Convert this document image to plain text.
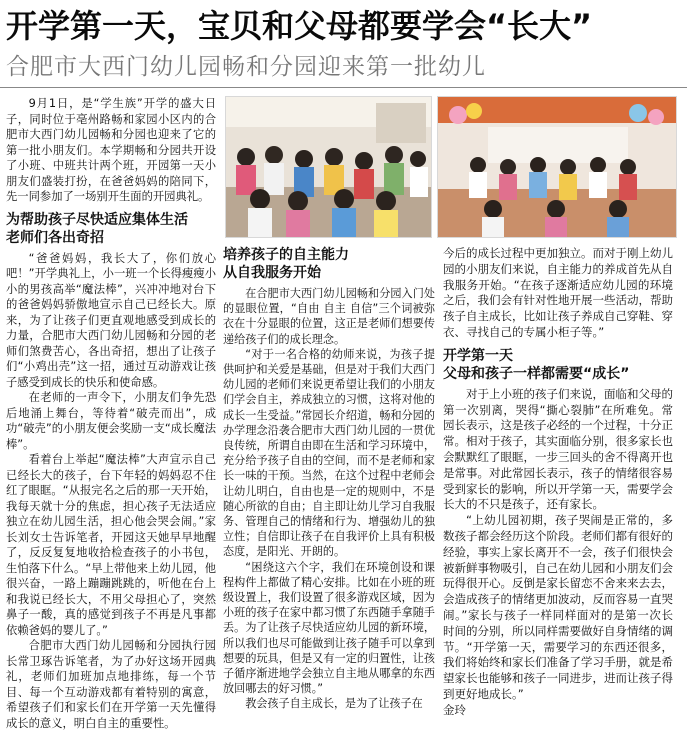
开学第一天，宝贝和父母都要学会“长大”
合肥市大西门幼儿园畅和分园迎来第一批幼儿

9月1日，是“学生族”开学的盛大日子，同时位于亳州路畅和家园小区内的合肥市大西门幼儿园畅和分园也迎来了它的第一批小朋友们。本学期畅和分园共开设了小班、中班共计两个班，开园第一天小朋友们盛装打扮，在爸爸妈妈的陪同下，先一同参加了一场别开生面的开园典礼。

为帮助孩子尽快适应集体生活
老师们各出奇招

“爸爸妈妈，我长大了，你们放心吧！”开学典礼上，小一班一个长得瘦瘦小小的男孩高举“魔法棒”，兴冲冲地对台下的爸爸妈妈骄傲地宣示自己已经长大。原来，为了让孩子们更直观地感受到成长的力量，合肥市大西门幼儿园畅和分园的老师们煞费苦心，各出奇招，想出了让孩子们“小鸡出壳”这一招，通过互动游戏让孩子感受到成长的快乐和使命感。

在老师的一声令下，小朋友们争先恐后地涌上舞台，等待着“破壳而出”，成功“破壳”的小朋友便会奖励一支“成长魔法棒”。

看着台上举起“魔法棒”大声宣示自己已经长大的孩子，台下年轻的妈妈忍不住红了眼眶。“从报完名之后的那一天开始，我每天就十分的焦虑，担心孩子无法适应独立在幼儿园生活，担心他会哭会闹。”家长刘女士告诉笔者，开园这天她早早地醒了，反反复复地收拾检查孩子的小书包，生怕落下什么。“早上带他来上幼儿园，他很兴奋，一路上蹦蹦跳跳的，听他在台上和我说已经长大，不用父母担心了，突然鼻子一酸，真的感觉到孩子不再是凡事都依赖爸妈的婴儿了。”

合肥市大西门幼儿园畅和分园执行园长常卫琢告诉笔者，为了办好这场开园典礼，老师们加班加点地排练，每一个节目、每一个互动游戏都有着特别的寓意，希望孩子们和家长们在开学第一天先懂得成长的意义，明白自主的重要性。

培养孩子的自主能力
从自我服务开始

在合肥市大西门幼儿园畅和分园入门处的显眼位置，“自由 自主 自信”三个词被弥衣在十分显眼的位置，这正是老师们想要传递给孩子们的成长理念。

“对于一名合格的幼师来说，为孩子提供呵护和关爱是基础，但是对于我们大西门幼儿园的老师们来说更希望让我们的小朋友们学会自主，养成独立的习惯，这将对他的成长一生受益。”常园长介绍道，畅和分园的办学理念沿袭合肥市大西门幼儿园的一贯优良传统，所谓自由即在生活和学习环境中，充分给予孩子自由的空间，而不是老师和家长一味的干预。当然，在这个过程中老师会让幼儿明白，自由也是一定的规则中，不是随心所欲的自由；自主即让幼儿学习自我服务、管理自己的情绪和行为、增强幼儿的独立性；自信即让孩子在自我评价上具有积极态度，是阳光、开朗的。

“困绕这六个字，我们在环境创设和课程构件上都做了精心安排。比如在小班的班级设置上，我们设置了很多游戏区域，因为小班的孩子在家中都习惯了东西随手拿随手丢。为了让孩子尽快适应幼儿园的新环境，所以我们也尽可能做到让孩子随手可以拿到想要的玩具，但是又有一定的归置性，让孩子循序渐进地学会独立自主地从哪拿的东西放回哪去的好习惯。”

教会孩子自主成长，是为了让孩子在

今后的成长过程中更加独立。而对于刚上幼儿园的小朋友们来说，自主能力的养成首先从自我服务开始。“在孩子逐渐适应幼儿园的环境之后，我们会有针对性地开展一些活动，帮助孩子自主成长，比如让孩子养成自己穿鞋、穿衣、寻找自己的专属小柜子等。”

开学第一天
父母和孩子一样都需要“成长”

对于上小班的孩子们来说，面临和父母的第一次别离，哭得“撕心裂肺”在所难免。常园长表示，这是孩子必经的一个过程，十分正常。相对于孩子，其实面临分别，很多家长也会默默红了眼眶，一步三回头的舍不得离开也是常事。对此常园长表示，孩子的情绪很容易受到家长的影响，所以开学第一天，需要学会长大的不只是孩子，还有家长。

“上幼儿园初期，孩子哭闹是正常的，多数孩子都会经历这个阶段。老师们都有很好的经验，事实上家长离开不一会，孩子们很快会被新鲜事物吸引，自己在幼儿园和小朋友们会玩得很开心。反倒是家长留恋不舍来来去去，会造成孩子的情绪更加波动，反而容易一直哭闹。”家长与孩子一样同样面对的是第一次长时间的分别，所以同样需要做好自身情绪的调节。“开学第一天，需要学习的东西还很多，我们将始终和家长们准备了学习手册，就是希望家长也能够和孩子一同进步，进而让孩子得到更好地成长。”

金玲
